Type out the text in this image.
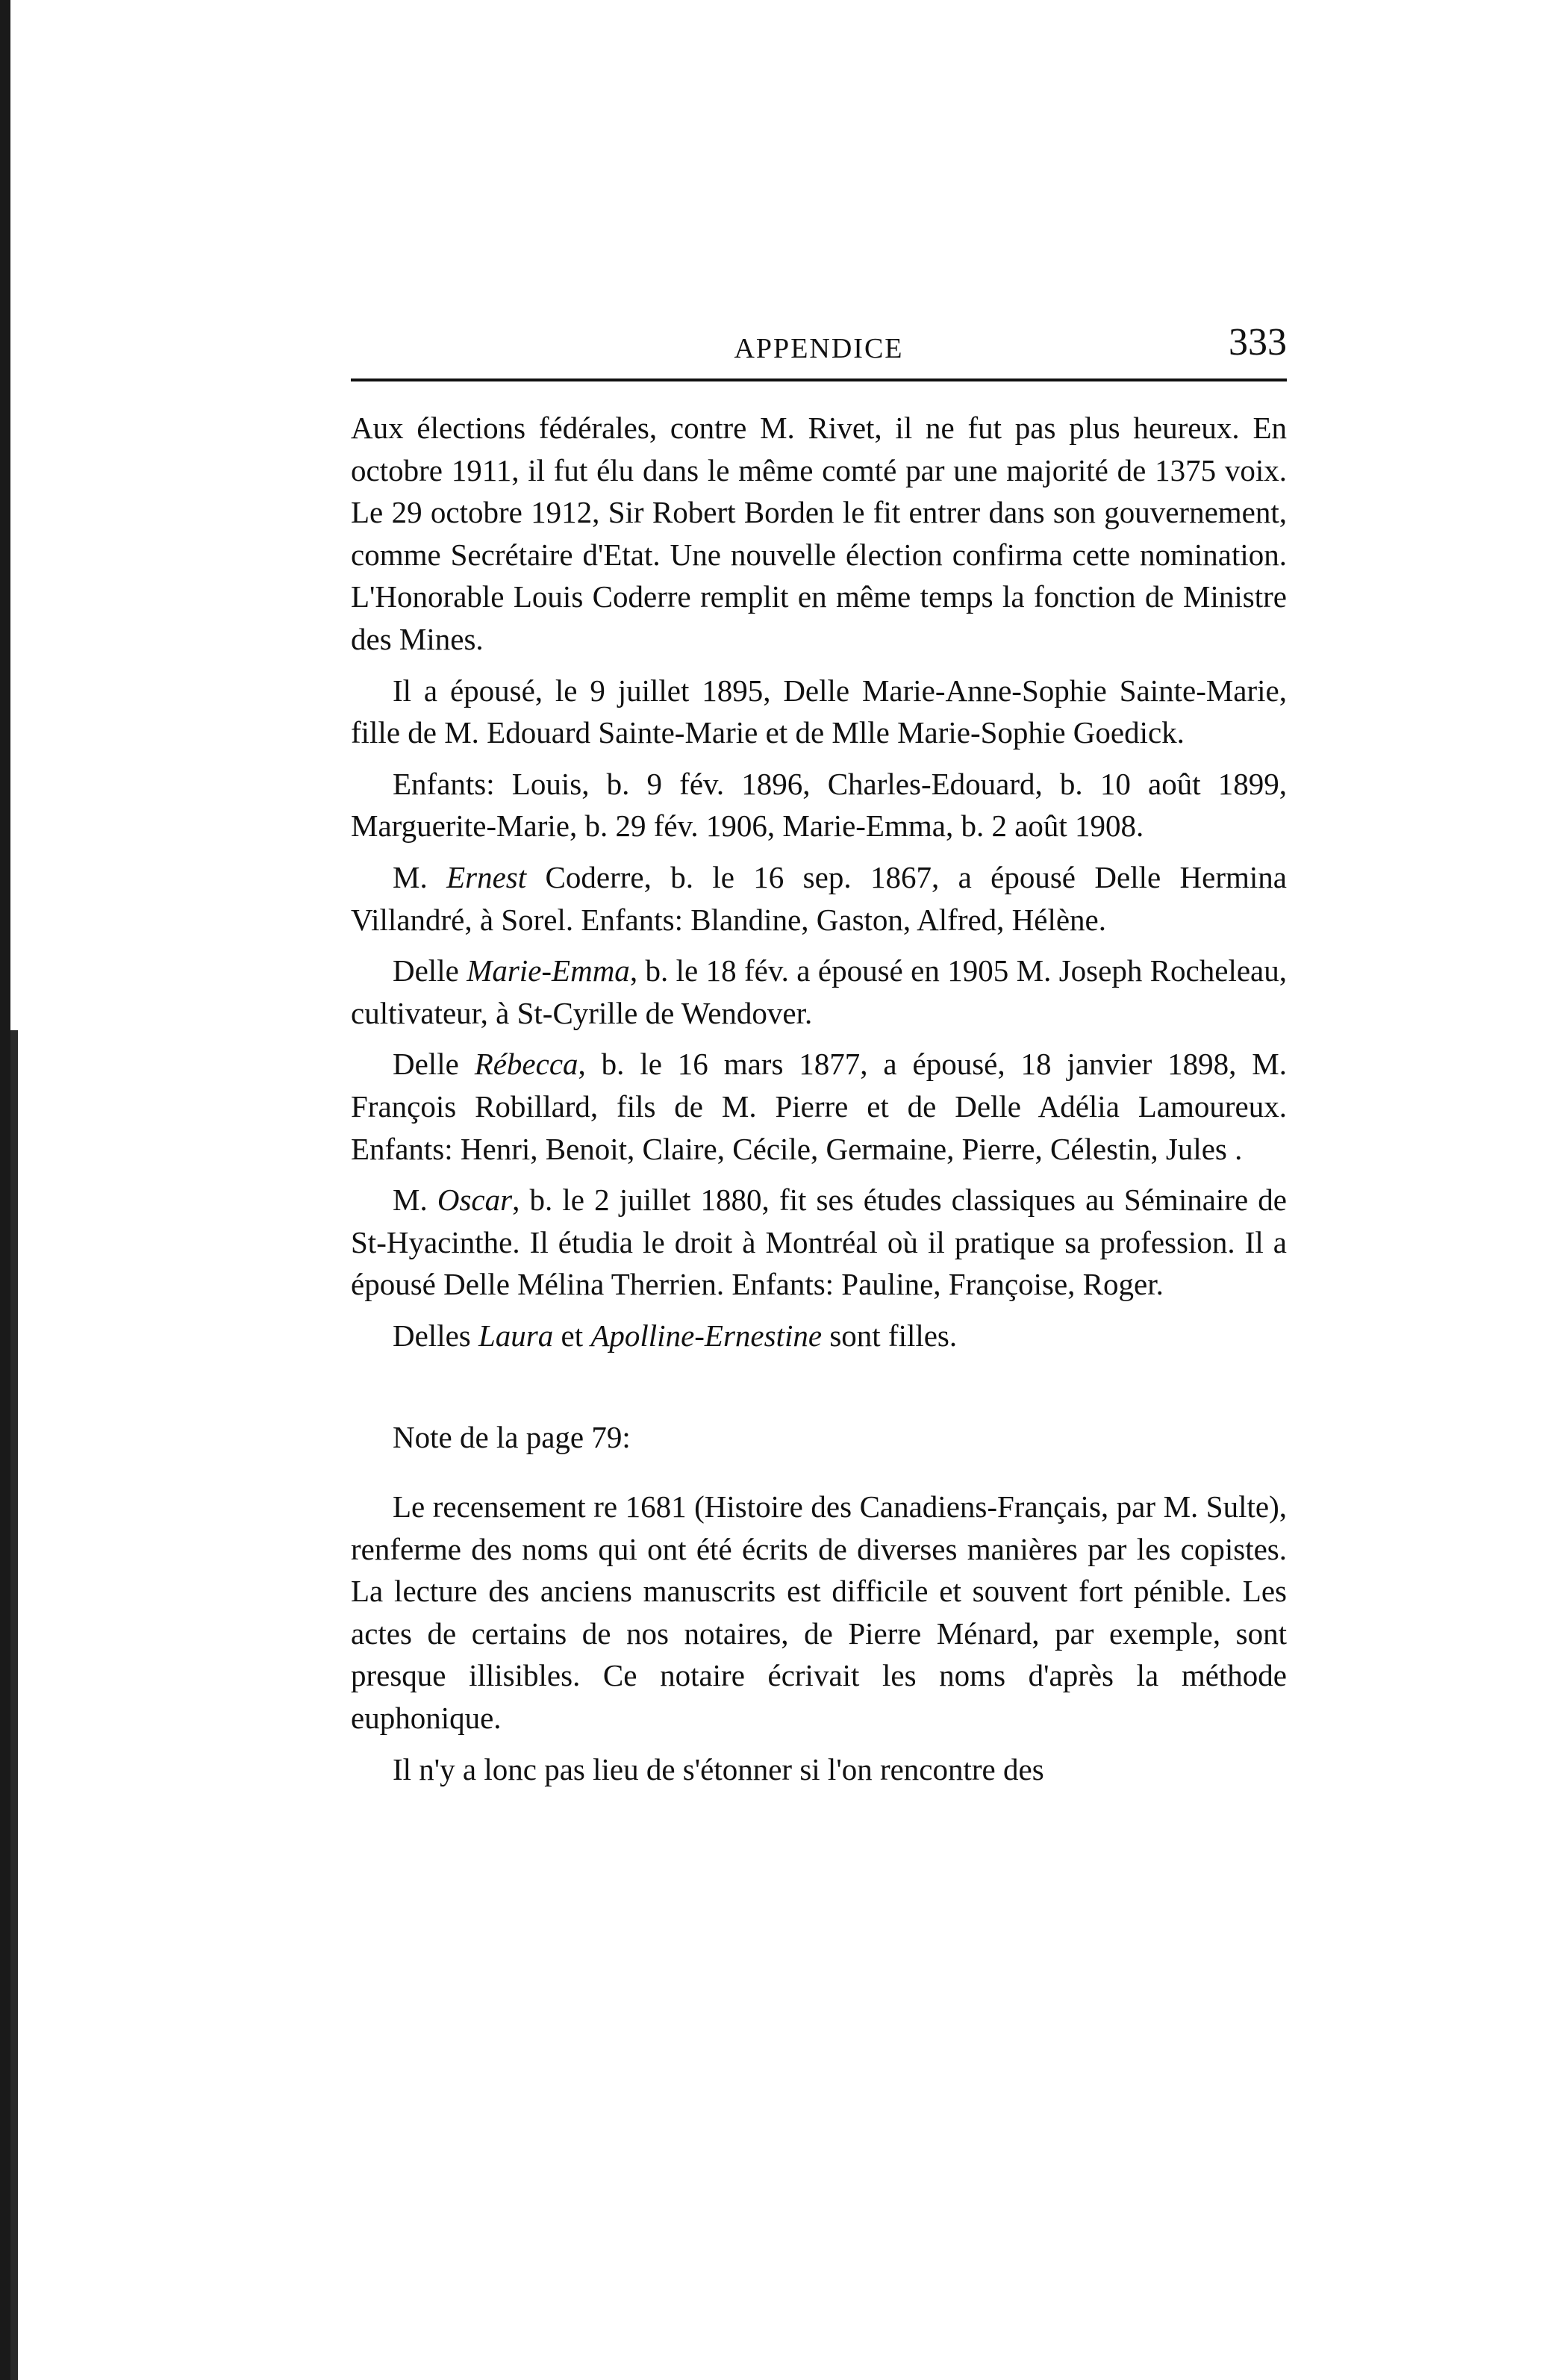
APPENDICE	333

Aux élections fédérales, contre M. Rivet, il ne fut pas plus heureux. En octobre 1911, il fut élu dans le même comté par une majorité de 1375 voix. Le 29 octobre 1912, Sir Robert Borden le fit entrer dans son gouvernement, comme Secrétaire d'Etat. Une nouvelle élection confirma cette nomination. L'Honorable Louis Coderre remplit en même temps la fonction de Ministre des Mines.

Il a épousé, le 9 juillet 1895, Delle Marie-Anne-Sophie Sainte-Marie, fille de M. Edouard Sainte-Marie et de Mlle Marie-Sophie Goedick.

Enfants: Louis, b. 9 fév. 1896, Charles-Edouard, b. 10 août 1899, Marguerite-Marie, b. 29 fév. 1906, Marie-Emma, b. 2 août 1908.

M. Ernest Coderre, b. le 16 sep. 1867, a épousé Delle Hermina Villandré, à Sorel. Enfants: Blandine, Gaston, Alfred, Hélène.

Delle Marie-Emma, b. le 18 fév. a épousé en 1905 M. Joseph Rocheleau, cultivateur, à St-Cyrille de Wendover.

Delle Rébecca, b. le 16 mars 1877, a épousé, 18 janvier 1898, M. François Robillard, fils de M. Pierre et de Delle Adélia Lamoureux. Enfants: Henri, Benoit, Claire, Cécile, Germaine, Pierre, Célestin, Jules .

M. Oscar, b. le 2 juillet 1880, fit ses études classiques au Séminaire de St-Hyacinthe. Il étudia le droit à Montréal où il pratique sa profession. Il a épousé Delle Mélina Therrien. Enfants: Pauline, Françoise, Roger.

Delles Laura et Apolline-Ernestine sont filles.

Note de la page 79:

Le recensement re 1681 (Histoire des Canadiens-Français, par M. Sulte), renferme des noms qui ont été écrits de diverses manières par les copistes. La lecture des anciens manuscrits est difficile et souvent fort pénible. Les actes de certains de nos notaires, de Pierre Ménard, par exemple, sont presque illisibles. Ce notaire écrivait les noms d'après la méthode euphonique.

Il n'y a lonc pas lieu de s'étonner si l'on rencontre des
